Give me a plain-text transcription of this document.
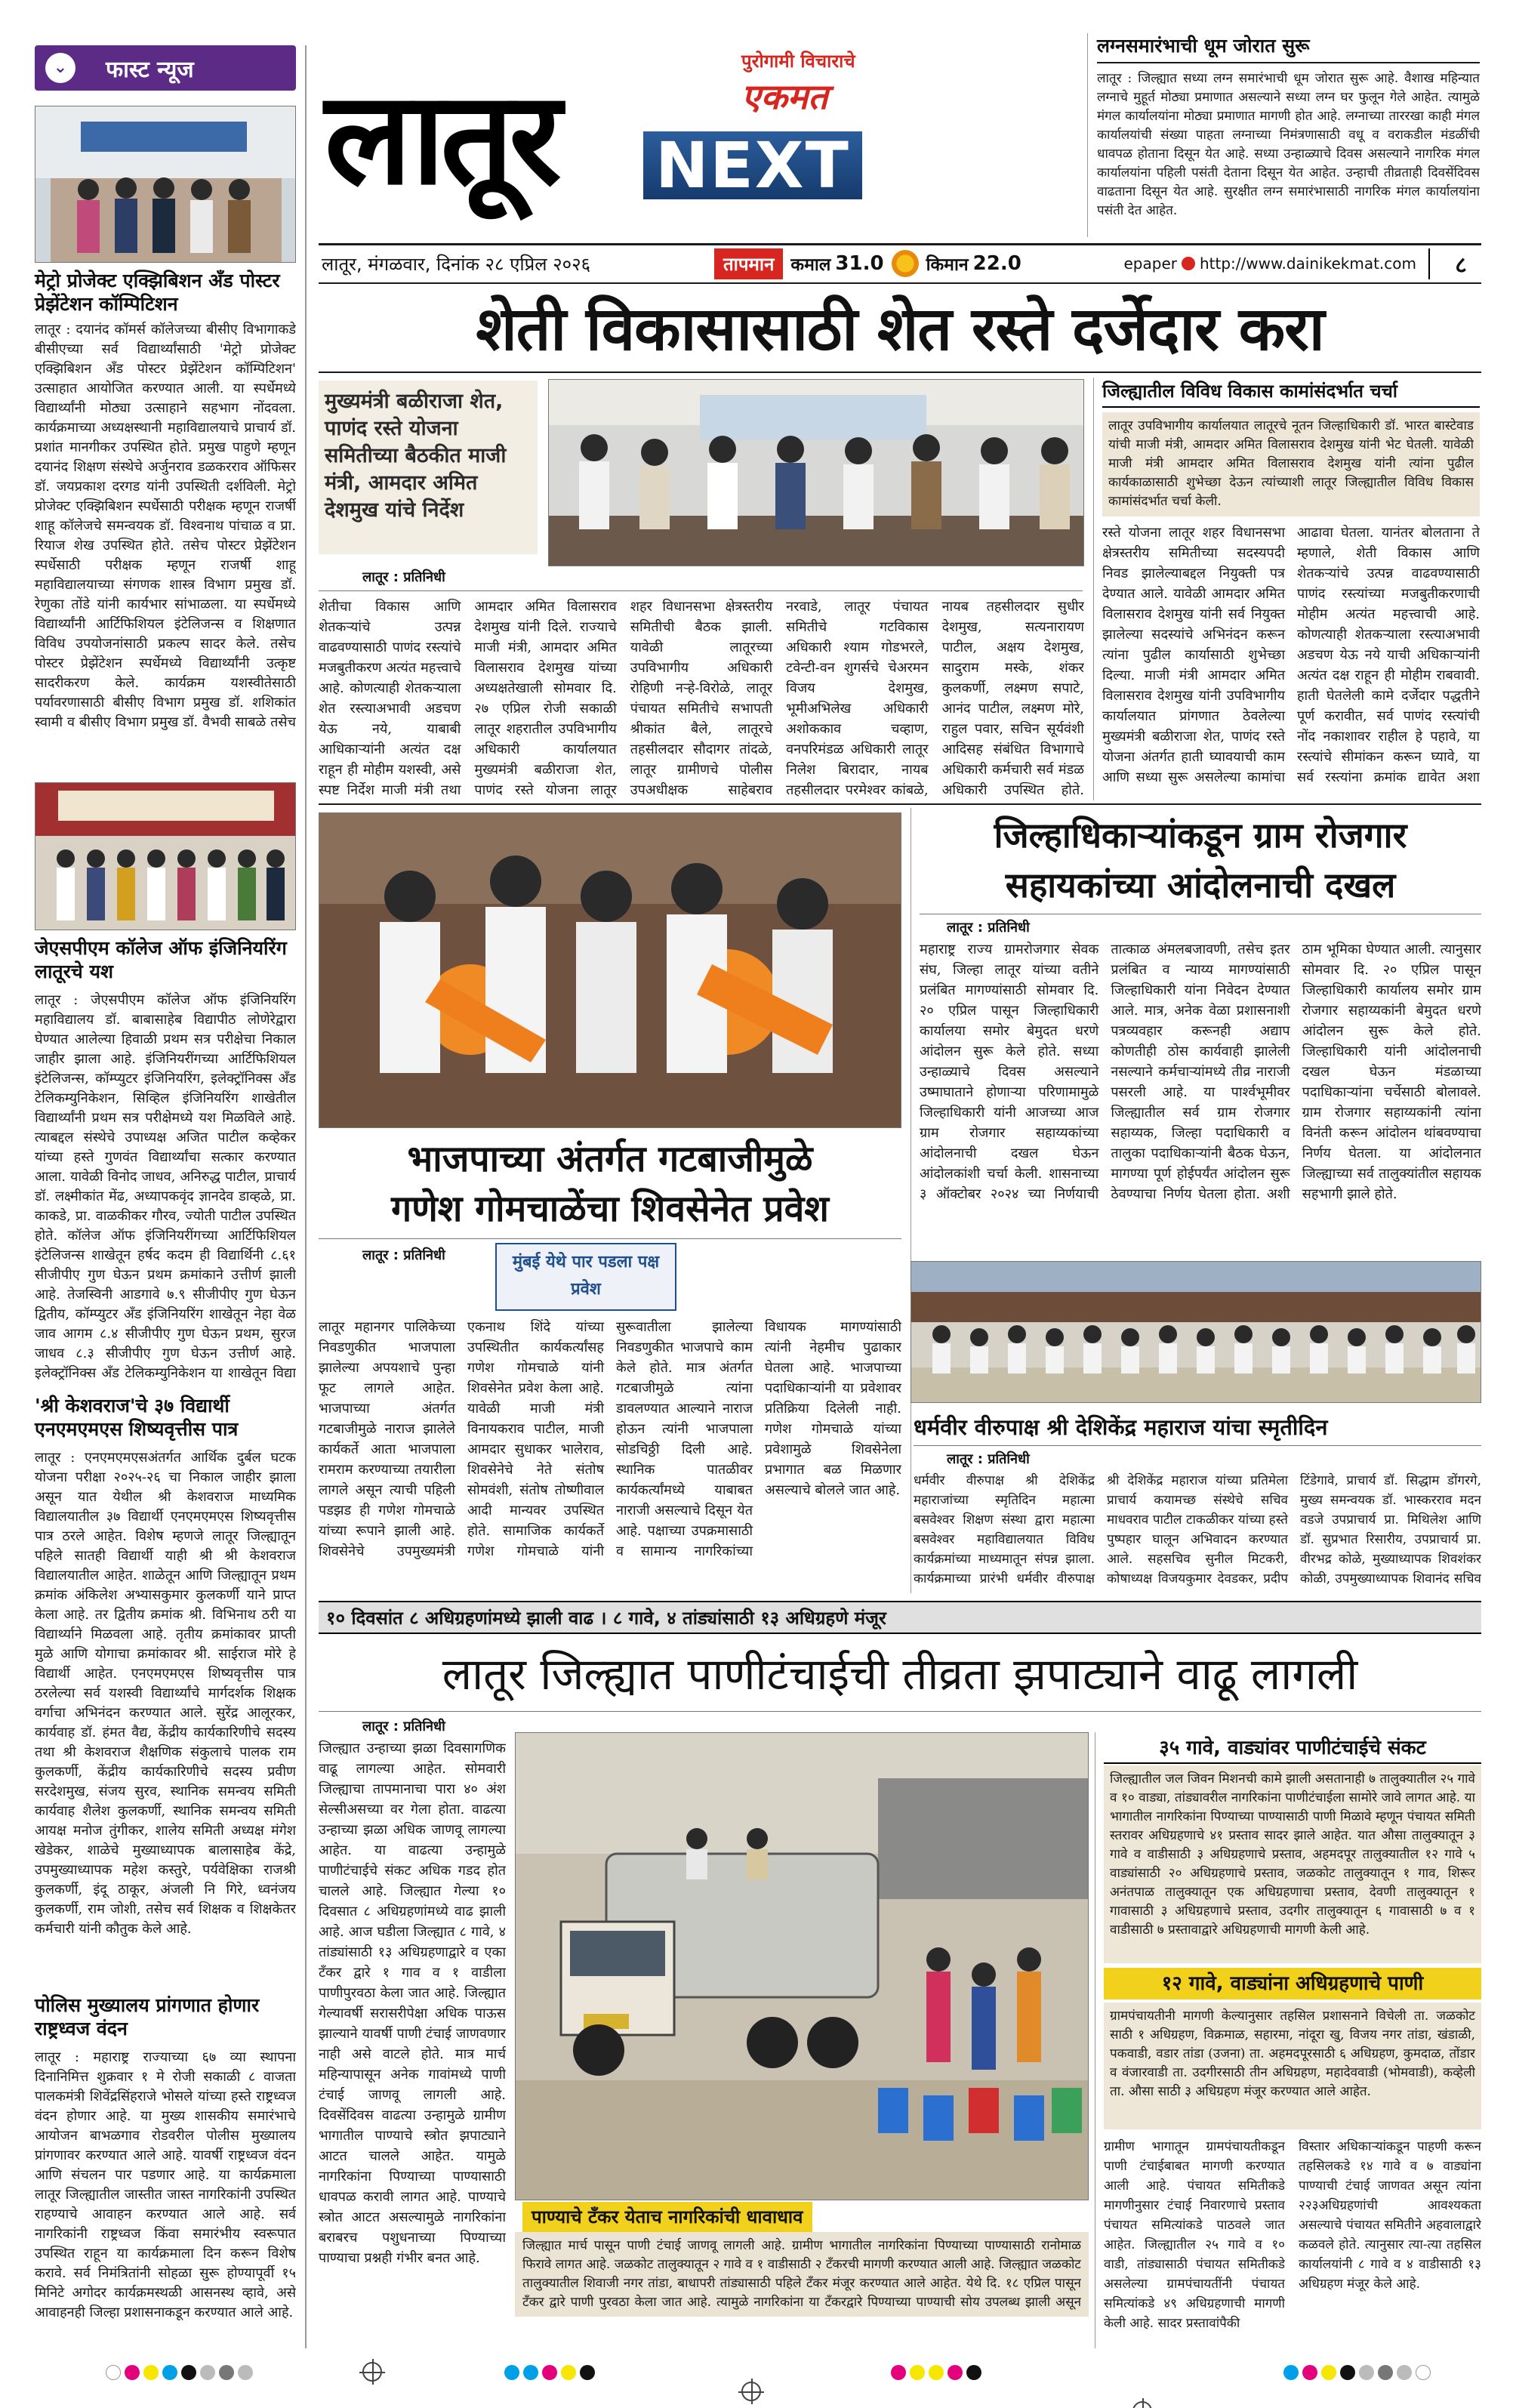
⌄	फास्ट न्यूज
मेट्रो प्रोजेक्ट एक्झिबिशन अँड पोस्टर प्रेझेंटेशन कॉम्पिटिशन
लातूर : दयानंद कॉमर्स कॉलेजच्या बीसीए विभागाकडे बीसीएच्या सर्व विद्यार्थ्यांसाठी 'मेट्रो प्रोजेक्ट एक्झिबिशन अँड पोस्टर प्रेझेंटेशन कॉम्पिटिशन' उत्साहात आयोजित करण्यात आली. या स्पर्धेमध्ये विद्यार्थ्यांनी मोठ्या उत्साहाने सहभाग नोंदवला. कार्यक्रमाच्या अध्यक्षस्थानी महाविद्यालयाचे प्राचार्य डॉ. प्रशांत मानगीकर उपस्थित होते. प्रमुख पाहुणे म्हणून दयानंद शिक्षण संस्थेचे अर्जुनराव डळकरराव ऑफिसर डॉ. जयप्रकाश दरगड यांनी उपस्थिती दर्शविली. मेट्रो प्रोजेक्ट एक्झिबिशन स्पर्धेसाठी परीक्षक म्हणून राजर्षी शाहू कॉलेजचे समन्वयक डॉ. विश्वनाथ पांचाळ व प्रा. रियाज शेख उपस्थित होते. तसेच पोस्टर प्रेझेंटेशन स्पर्धेसाठी परीक्षक म्हणून राजर्षी शाहू महाविद्यालयाच्या संगणक शास्त्र विभाग प्रमुख डॉ. रेणुका तोंडे यांनी कार्यभार सांभाळला. या स्पर्धेमध्ये विद्यार्थ्यांनी आर्टिफिशियल इंटेलिजन्स व शिक्षणात विविध उपयोजनांसाठी प्रकल्प सादर केले. तसेच पोस्टर प्रेझेंटेशन स्पर्धेमध्ये विद्यार्थ्यांनी उत्कृष्ट सादरीकरण केले. कार्यक्रम यशस्वीतेसाठी पर्यावरणासाठी बीसीए विभाग प्रमुख डॉ. शशिकांत स्वामी व बीसीए विभाग प्रमुख डॉ. वैभवी साबळे तसेच
जेएसपीएम कॉलेज ऑफ इंजिनियरिंग लातूरचे यश
लातूर : जेएसपीएम कॉलेज ऑफ इंजिनियरिंग महाविद्यालय डॉ. बाबासाहेब विद्यापीठ लोणेरेद्वारा घेण्यात आलेल्या हिवाळी प्रथम सत्र परीक्षेचा निकाल जाहीर झाला आहे. इंजिनियरींगच्या आर्टिफिशियल इंटेलिजन्स, कॉम्प्युटर इंजिनियरिंग, इलेक्ट्रॉनिक्स अँड टेलिकम्युनिकेशन, सिव्हिल इंजिनियरिंग शाखेतील विद्यार्थ्यांनी प्रथम सत्र परीक्षेमध्ये यश मिळविले आहे. त्याबद्दल संस्थेचे उपाध्यक्ष अजित पाटील कव्हेकर यांच्या हस्ते गुणवंत विद्यार्थ्यांचा सत्कार करण्यात आला. यावेळी विनोद जाधव, अनिरुद्ध पाटील, प्राचार्य डॉ. लक्ष्मीकांत मेंढ, अध्यापकवृंद ज्ञानदेव डाव्हळे, प्रा. काकडे, प्रा. वाळकीकर गौरव, ज्योती पाटील उपस्थित होते. कॉलेज ऑफ इंजिनियरींगच्या आर्टिफिशियल इंटेलिजन्स शाखेतून हर्षद कदम ही विद्यार्थिनी ८.६१ सीजीपीए गुण घेऊन प्रथम क्रमांकाने उत्तीर्ण झाली आहे. तेजस्विनी आडगावे ७.९ सीजीपीए गुण घेऊन द्वितीय, कॉम्प्युटर अँड इंजिनियरिंग शाखेतून नेहा वेळ जाव आगम ८.४ सीजीपीए गुण घेऊन प्रथम, सुरज जाधव ८.३ सीजीपीए गुण घेऊन उत्तीर्ण आहे. इलेक्ट्रॉनिक्स अँड टेलिकम्युनिकेशन या शाखेतून विद्या
'श्री केशवराज'चे ३७ विद्यार्थी एनएमएमएस शिष्यवृत्तीस पात्र
लातूर : एनएमएमएसअंतर्गत आर्थिक दुर्बल घटक योजना परीक्षा २०२५-२६ चा निकाल जाहीर झाला असून यात येथील श्री केशवराज माध्यमिक विद्यालयातील ३७ विद्यार्थी एनएमएमएस शिष्यवृत्तीस पात्र ठरले आहेत. विशेष म्हणजे लातूर जिल्ह्यातून पहिले सातही विद्यार्थी याही श्री श्री केशवराज विद्यालयातील आहेत. शाळेतून आणि जिल्ह्यातून प्रथम क्रमांक अंकिलेश अभ्यासकुमार कुलकर्णी याने प्राप्त केला आहे. तर द्वितीय क्रमांक श्री. विभिनाथ ठरी या विद्यार्थ्याने मिळवला आहे. तृतीय क्रमांकावर प्राप्ती मुळे आणि योगाचा क्रमांकावर श्री. साईराज मोरे हे विद्यार्थी आहेत. एनएमएमएस शिष्यवृत्तीस पात्र ठरलेल्या सर्व यशस्वी विद्यार्थ्यांचे मार्गदर्शक शिक्षक वर्गाचा अभिनंदन करण्यात आले. सुरेंद्र आलूरकर, कार्यवाह डॉ. हंमत वैद्य, केंद्रीय कार्यकारिणीचे सदस्य तथा श्री केशवराज शैक्षणिक संकुलाचे पालक राम कुलकर्णी, केंद्रीय कार्यकारिणीचे सदस्य प्रवीण सरदेशमुख, संजय सुरव, स्थानिक समन्वय समिती कार्यवाह शैलेश कुलकर्णी, स्थानिक समन्वय समिती आयक्ष मनोज तुंगीकर, शालेय समिती अध्यक्ष मंगेश खेडेकर, शाळेचे मुख्याध्यापक बालासाहेब केंद्रे, उपमुख्याध्यापक महेश कस्तुरे, पर्यवेक्षिका राजश्री कुलकर्णी, इंदू ठाकूर, अंजली नि गिरे, ध्वनंजय कुलकर्णी, राम जोशी, तसेच सर्व शिक्षक व शिक्षकेतर कर्मचारी यांनी कौतुक केले आहे.
पोलिस मुख्यालय प्रांगणात होणार राष्ट्रध्वज वंदन
लातूर : महाराष्ट्र राज्याच्या ६७ व्या स्थापना दिनानिमित्त शुक्रवार १ मे रोजी सकाळी ८ वाजता पालकमंत्री शिवेंद्रसिंहराजे भोसले यांच्या हस्ते राष्ट्रध्वज वंदन होणार आहे. या मुख्य शासकीय समारंभाचे आयोजन बाभळगाव रोडवरील पोलीस मुख्यालय प्रांगणावर करण्यात आले आहे. यावर्षी राष्ट्रध्वज वंदन आणि संचलन पार पडणार आहे. या कार्यक्रमाला लातूर जिल्ह्यातील जास्तीत जास्त नागरिकांनी उपस्थित राहण्याचे आवाहन करण्यात आले आहे. सर्व नागरिकांनी राष्ट्रध्वज किंवा समारंभीय स्वरूपात उपस्थित राहून या कार्यक्रमाला दिन करून विशेष करावे. सर्व निमंत्रितांनी सोहळा सुरू होण्यापूर्वी १५ मिनिटे अगोदर कार्यक्रमस्थळी आसनस्थ व्हावे, असे आवाहनही जिल्हा प्रशासनाकडून करण्यात आले आहे.
पुरोगामी विचाराचे
एकमत
लातूर NEXT
लग्नसमारंभाची धूम जोरात सुरू
लातूर : जिल्ह्यात सध्या लग्न समारंभाची धूम जोरात सुरू आहे. वैशाख महिन्यात लग्नाचे मुहूर्त मोठ्या प्रमाणात असल्याने सध्या लग्न घर फुलून गेले आहेत. त्यामुळे मंगल कार्यालयांना मोठ्या प्रमाणात मागणी होत आहे. लग्नाच्या ताररखा काही मंगल कार्यालयांची संख्या पाहता लग्नाच्या निमंत्रणासाठी वधू व वराकडील मंडळींची धावपळ होताना दिसून येत आहे. सध्या उन्हाळ्याचे दिवस असल्याने नागरिक मंगल कार्यालयांना पहिली पसंती देताना दिसून येत आहेत. उन्हाची तीव्रताही दिवसेंदिवस वाढताना दिसून येत आहे. सुरक्षीत लग्न समारंभासाठी नागरिक मंगल कार्यालयांना पसंती देत आहेत.
लातूर, मंगळवार, दिनांक २८ एप्रिल २०२६	तापमान कमाल 31.0 किमान 22.0	epaper http://www.dainikekmat.com	८
शेती विकासासाठी शेत रस्ते दर्जेदार करा
मुख्यमंत्री बळीराजा शेत, पाणंद रस्ते योजना समितीच्या बैठकीत माजी मंत्री, आमदार अमित देशमुख यांचे निर्देश
लातूर : प्रतिनिधी
शेतीचा विकास आणि शेतकऱ्यांचे उत्पन्न वाढवण्यासाठी पाणंद रस्त्यांचे मजबुतीकरण अत्यंत महत्त्वाचे आहे. कोणत्याही शेतकऱ्याला शेत रस्त्याअभावी अडचण येऊ नये, याबाबी आधिकाऱ्यांनी अत्यंत दक्ष राहून ही मोहीम यशस्वी, असे स्पष्ट निर्देश माजी मंत्री तथा आमदार अमित विलासराव देशमुख यांनी दिले. राज्याचे माजी मंत्री, आमदार अमित विलासराव देशमुख यांच्या अध्यक्षतेखाली सोमवार दि. २७ एप्रिल रोजी सकाळी लातूर शहरातील उपविभागीय अधिकारी कार्यालयात मुख्यमंत्री बळीराजा शेत, पाणंद रस्ते योजना लातूर शहर विधानसभा क्षेत्रस्तरीय समितीची बैठक झाली. यावेळी लातूरच्या उपविभागीय अधिकारी रोहिणी नऱ्हे-विरोळे, लातूर पंचायत समितीचे सभापती श्रीकांत बैले, लातूरचे तहसीलदार सौदागर तांदळे, लातूर ग्रामीणचे पोलीस उपअधीक्षक साहेबराव नरवाडे, लातूर पंचायत समितीचे गटविकास अधिकारी श्याम गोडभरले, टवेन्टी-वन शुगर्सचे चेअरमन विजय देशमुख, भूमीअभिलेख अधिकारी अशोककाव चव्हाण, वनपरिमंडळ अधिकारी लातूर निलेश बिरादार, नायब तहसीलदार परमेश्वर कांबळे, नायब तहसीलदार सुधीर देशमुख, सत्यनारायण पाटील, अक्षय देशमुख, सादुराम मस्के, शंकर कुलकर्णी, लक्ष्मण सपाटे, आनंद पाटील, लक्ष्मण मोरे, राहुल पवार, सचिन सूर्यवंशी आदिसह संबंधित विभागाचे अधिकारी कर्मचारी सर्व मंडळ अधिकारी उपस्थित होते.
जिल्ह्यातील विविध विकास कामांसंदर्भात चर्चा
लातूर उपविभागीय कार्यालयात लातूरचे नूतन जिल्हाधिकारी डॉ. भारत बास्टेवाड यांची माजी मंत्री, आमदार अमित विलासराव देशमुख यांनी भेट घेतली. यावेळी माजी मंत्री आमदार अमित विलासराव देशमुख यांनी त्यांना पुढील कार्यकाळासाठी शुभेच्छा देऊन त्यांच्याशी लातूर जिल्ह्यातील विविध विकास कामांसंदर्भात चर्चा केली.
रस्ते योजना लातूर शहर विधानसभा क्षेत्रस्तरीय समितीच्या सदस्यपदी निवड झालेल्याबद्दल नियुक्ती पत्र देण्यात आले. यावेळी आमदार अमित विलासराव देशमुख यांनी सर्व नियुक्त झालेल्या सदस्यांचे अभिनंदन करून त्यांना पुढील कार्यासाठी शुभेच्छा दिल्या. माजी मंत्री आमदार अमित विलासराव देशमुख यांनी उपविभागीय कार्यालयात प्रांगणात ठेवलेल्या मुख्यमंत्री बळीराजा शेत, पाणंद रस्ते योजना अंतर्गत हाती घ्यावयाची काम आणि सध्या सुरू असलेल्या कामांचा आढावा घेतला. यानंतर बोलताना ते म्हणाले, शेती विकास आणि शेतकऱ्यांचे उत्पन्न वाढवण्यासाठी पाणंद रस्त्यांच्या मजबुतीकरणाची मोहीम अत्यंत महत्त्वाची आहे. कोणत्याही शेतकऱ्याला रस्त्याअभावी अडचण येऊ नये याची अधिकाऱ्यांनी अत्यंत दक्ष राहून ही मोहीम राबवावी. हाती घेतलेली कामे दर्जेदार पद्धतीने पूर्ण करावीत, सर्व पाणंद रस्त्यांची नोंद नकाशावर राहील हे पहावे, या रस्त्यांचे सीमांकन करून घ्यावे, या सर्व रस्त्यांना क्रमांक द्यावेत अशा
भाजपाच्या अंतर्गत गटबाजीमुळे
गणेश गोमचाळेंचा शिवसेनेत प्रवेश
लातूर : प्रतिनिधी	मुंबई येथे पार पडला पक्ष प्रवेश
लातूर महानगर पालिकेच्या निवडणुकीत भाजपाला झालेल्या अपयशाचे पुन्हा फूट लागले आहेत. भाजपाच्या अंतर्गत गटबाजीमुळे नाराज झालेले कार्यकर्ते आता भाजपाला रामराम करण्याच्या तयारीला लागले असून त्याची पहिली पडझड ही गणेश गोमचाळे यांच्या रूपाने झाली आहे. शिवसेनेचे उपमुख्यमंत्री एकनाथ शिंदे यांच्या उपस्थितीत कार्यकर्त्यांसह गणेश गोमचाळे यांनी शिवसेनेत प्रवेश केला आहे. यावेळी माजी मंत्री विनायकराव पाटील, माजी आमदार सुधाकर भालेराव, शिवसेनेचे नेते संतोष सोमवंशी, संतोष तोष्णीवाल आदी मान्यवर उपस्थित होते. सामाजिक कार्यकर्ते गणेश गोमचाळे यांनी सुरूवातीला झालेल्या निवडणुकीत भाजपाचे काम केले होते. मात्र अंतर्गत गटबाजीमुळे त्यांना डावलण्यात आल्याने नाराज होऊन त्यांनी भाजपाला सोडचिठ्ठी दिली आहे. स्थानिक पातळीवर कार्यकर्त्यांमध्ये याबाबत नाराजी असल्याचे दिसून येत आहे. पक्षाच्या उपक्रमासाठी व सामान्य नागरिकांच्या विधायक मागण्यांसाठी त्यांनी नेहमीच पुढाकार घेतला आहे. भाजपाच्या पदाधिकाऱ्यांनी या प्रवेशावर प्रतिक्रिया दिलेली नाही. गणेश गोमचाळे यांच्या प्रवेशामुळे शिवसेनेला प्रभागात बळ मिळणार असल्याचे बोलले जात आहे.
जिल्हाधिकाऱ्यांकडून ग्राम रोजगार
सहायकांच्या आंदोलनाची दखल
लातूर : प्रतिनिधी
महाराष्ट्र राज्य ग्रामरोजगार सेवक संघ, जिल्हा लातूर यांच्या वतीने प्रलंबित मागण्यांसाठी सोमवार दि. २० एप्रिल पासून जिल्हाधिकारी कार्यालया समोर बेमुदत धरणे आंदोलन सुरू केले होते. सध्या उन्हाळ्याचे दिवस असल्याने उष्माघाताने होणाऱ्या परिणामामुळे जिल्हाधिकारी यांनी आजच्या आज ग्राम रोजगार सहाय्यकांच्या आंदोलनाची दखल घेऊन आंदोलकांशी चर्चा केली. शासनाच्या ३ ऑक्टोबर २०२४ च्या निर्णयाची तात्काळ अंमलबजावणी, तसेच इतर प्रलंबित व न्याय्य मागण्यांसाठी जिल्हाधिकारी यांना निवेदन देण्यात आले. मात्र, अनेक वेळा प्रशासनाशी पत्रव्यवहार करूनही अद्याप कोणतीही ठोस कार्यवाही झालेली नसल्याने कर्मचाऱ्यांमध्ये तीव्र नाराजी पसरली आहे. या पार्श्वभूमीवर जिल्ह्यातील सर्व ग्राम रोजगार सहाय्यक, जिल्हा पदाधिकारी व तालुका पदाधिकाऱ्यांनी बैठक घेऊन, मागण्या पूर्ण होईपर्यंत आंदोलन सुरू ठेवण्याचा निर्णय घेतला होता. अशी ठाम भूमिका घेण्यात आली. त्यानुसार सोमवार दि. २० एप्रिल पासून जिल्हाधिकारी कार्यालय समोर ग्राम रोजगार सहाय्यकांनी बेमुदत धरणे आंदोलन सुरू केले होते. जिल्हाधिकारी यांनी आंदोलनाची दखल घेऊन मंडळाच्या पदाधिकाऱ्यांना चर्चेसाठी बोलावले. ग्राम रोजगार सहाय्यकांनी त्यांना विनंती करून आंदोलन थांबवण्याचा निर्णय घेतला. या आंदोलनात जिल्ह्याच्या सर्व तालुक्यांतील सहायक सहभागी झाले होते.
धर्मवीर वीरुपाक्ष श्री देशिकेंद्र महाराज यांचा स्मृतीदिन
लातूर : प्रतिनिधी
धर्मवीर वीरुपाक्ष श्री देशिकेंद्र महाराजांच्या स्मृतिदिन महात्मा बसवेश्वर शिक्षण संस्था द्वारा महात्मा बसवेश्वर महाविद्यालयात विविध कार्यक्रमांच्या माध्यमातून संपन्न झाला. कार्यक्रमाच्या प्रारंभी धर्मवीर वीरुपाक्ष श्री देशिकेंद्र महाराज यांच्या प्रतिमेला प्राचार्य कयामच्छ संस्थेचे सचिव माधवराव पाटील टाकळीकर यांच्या हस्ते पुष्पहार घालून अभिवादन करण्यात आले. सहसचिव सुनील मिटकरी, कोषाध्यक्ष विजयकुमार देवडकर, प्रदीप टिंडेगावे, प्राचार्य डॉ. सिद्धाम डोंगरगे, मुख्य समन्वयक डॉ. भास्करराव मदन वडजे उपप्राचार्य प्रा. मिथिलेश आणि डॉ. सुप्रभात रिसारीय, उपप्राचार्य प्रा. वीरभद्र कोळे, मुख्याध्यापक शिवशंकर कोळी, उपमुख्याध्यापक शिवानंद सचिव
१० दिवसांत ८ अधिग्रहणांमध्ये झाली वाढ । ८ गावे, ४ तांड्यांसाठी १३ अधिग्रहणे मंजूर
लातूर जिल्ह्यात पाणीटंचाईची तीव्रता झपाट्याने वाढू लागली
लातूर : प्रतिनिधी
जिल्ह्यात उन्हाच्या झळा दिवसागणिक वाढू लागल्या आहेत. सोमवारी जिल्ह्याचा तापमानाचा पारा ४० अंश सेल्सीअसच्या वर गेला होता. वाढत्या उन्हाच्या झळा अधिक जाणवू लागल्या आहेत. या वाढत्या उन्हामुळे पाणीटंचाईचे संकट अधिक गडद होत चालले आहे. जिल्ह्यात गेल्या १० दिवसात ८ अधिग्रहणांमध्ये वाढ झाली आहे. आज घडीला जिल्ह्यात ८ गावे, ४ तांड्यांसाठी १३ अधिग्रहणाद्वारे व एका टँकर द्वारे १ गाव व १ वाडीला पाणीपुरवठा केला जात आहे. जिल्ह्यात गेल्यावर्षी सरासरीपेक्षा अधिक पाऊस झाल्याने यावर्षी पाणी टंचाई जाणवणार नाही असे वाटले होते. मात्र मार्च महिन्यापासून अनेक गावांमध्ये पाणी टंचाई जाणवू लागली आहे. दिवसेंदिवस वाढत्या उन्हामुळे ग्रामीण भागातील पाण्याचे स्त्रोत झपाट्याने आटत चालले आहेत. यामुळे नागरिकांना पिण्याच्या पाण्यासाठी धावपळ करावी लागत आहे. पाण्याचे स्त्रोत आटत असल्यामुळे नागरिकांना बराबरच पशुधनाच्या पिण्याच्या पाण्याचा प्रश्नही गंभीर बनत आहे.
पाण्याचे टँकर येताच नागरिकांची धावाधाव
जिल्ह्यात मार्च पासून पाणी टंचाई जाणवू लागली आहे. ग्रामीण भागातील नागरिकांना पिण्याच्या पाण्यासाठी रानोमाळ फिरावे लागत आहे. जळकोट तालुक्यातून २ गावे व १ वाडीसाठी २ टँकरची मागणी करण्यात आली आहे. जिल्ह्यात जळकोट तालुक्यातील शिवाजी नगर तांडा, बाधापरी तांड्यासाठी पहिले टँकर मंजूर करण्यात आले आहेत. येथे दि. १८ एप्रिल पासून टँकर द्वारे पाणी पुरवठा केला जात आहे. त्यामुळे नागरिकांना या टँकरद्वारे पिण्याच्या पाण्याची सोय उपलब्ध झाली असून
३५ गावे, वाड्यांवर पाणीटंचाईचे संकट
जिल्ह्यातील जल जिवन मिशनची कामे झाली असतानाही ७ तालुक्यातील २५ गावे व १० वाड्या, तांड्यावरील नागरिकांना पाणीटंचाईला सामोरे जावे लागत आहे. या भागातील नागरिकांना पिण्याच्या पाण्यासाठी पाणी मिळावे म्हणून पंचायत समिती स्तरावर अधिग्रहणाचे ४१ प्रस्ताव सादर झाले आहेत. यात औसा तालुक्यातून ३ गावे व वाडीसाठी ३ अधिग्रहणाचे प्रस्ताव, अहमदपूर तालुक्यातील १२ गावे ५ वाड्यांसाठी २० अधिग्रहणाचे प्रस्ताव, जळकोट तालुक्यातून १ गाव, शिरूर अनंतपाळ तालुक्यातून एक अधिग्रहणाचा प्रस्ताव, देवणी तालुक्यातून १ गावासाठी ३ अधिग्रहणाचे प्रस्ताव, उदगीर तालुक्यातून ६ गावासाठी ७ व १ वाडीसाठी ७ प्रस्तावाद्वारे अधिग्रहणाची मागणी केली आहे.
१२ गावे, वाड्यांना अधिग्रहणाचे पाणी
ग्रामपंचायतीनी मागणी केल्यानुसार तहसिल प्रशासनाने विचेली ता. जळकोट साठी १ अधिग्रहण, विक्रमाळ, सहारमा, नांदूरा खु, विजय नगर तांडा, खंडाळी, पकवाडी, वडार तांडा (उजना) ता. अहमदपूरसाठी ६ अधिग्रहण, कुमदाळ, तोंडार व वंजारवाडी ता. उदगीरसाठी तीन अधिग्रहण, महादेववाडी (भोमवाडी), कव्हेली ता. औसा साठी ३ अधिग्रहण मंजूर करण्यात आले आहेत.
ग्रामीण भागातून ग्रामपंचायतीकडून पाणी टंचाईबाबत मागणी करण्यात आली आहे. पंचायत समितीकडे मागणीनुसार टंचाई निवारणाचे प्रस्ताव पंचायत समित्यांकडे पाठवले जात आहेत. जिल्ह्यातील २५ गावे व १० वाडी, तांड्यासाठी पंचायत समितीकडे असलेल्या ग्रामपंचायतींनी पंचायत समित्यांकडे ४९ अधिग्रहणाची मागणी केली आहे. सादर प्रस्तावांपैकी
विस्तार अधिकाऱ्यांकडून पाहणी करून तहसिलकडे १४ गावे व ७ वाड्यांना पाण्याची टंचाई जाणवत असून त्यांना २२३अधिग्रहणांची आवश्यकता असल्याचे पंचायत समितीने अहवालाद्वारे कळवले होते. त्यानुसार त्या-त्या तहसिल कार्यालयांनी ८ गावे व ४ वाडीसाठी १३ अधिग्रहण मंजूर केले आहे.
